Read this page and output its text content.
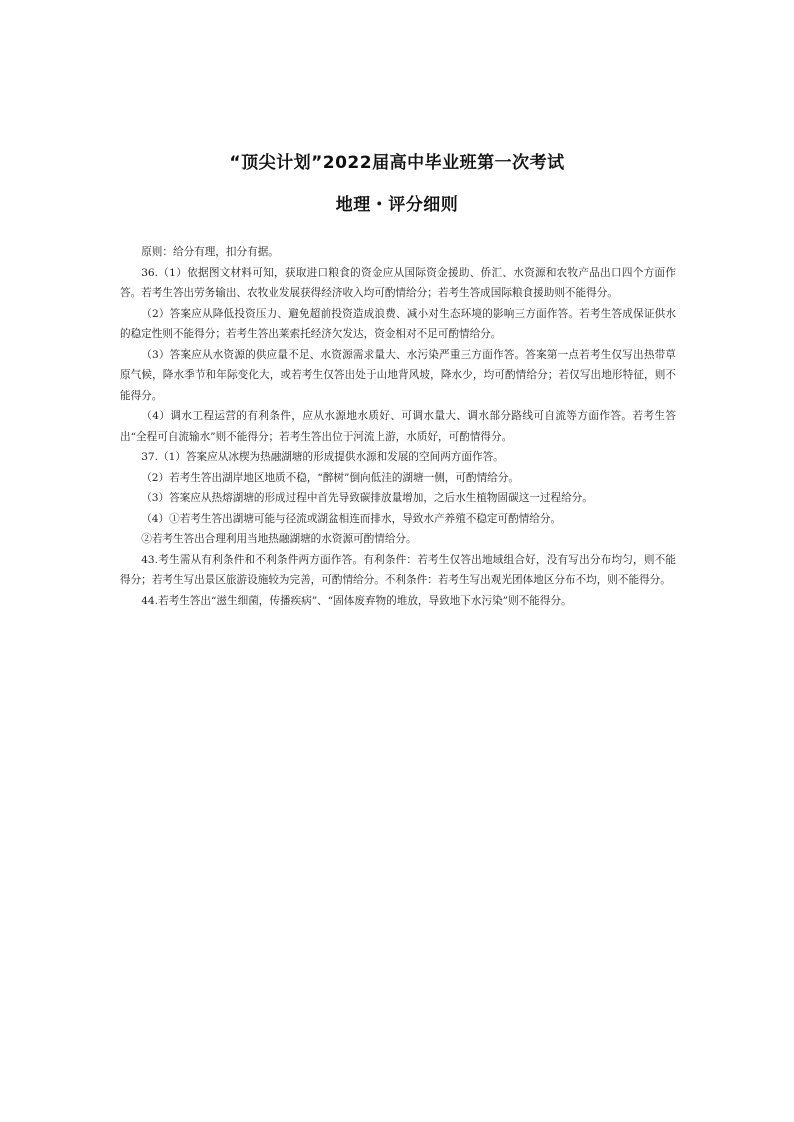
“顶尖计划”2022届高中毕业班第一次考试
地理・评分细则

原则：给分有理，扣分有据。

36.（1）依据图文材料可知，获取进口粮食的资金应从国际资金援助、侨汇、水资源和农牧产品出口四个方面作答。若考生答出劳务输出、农牧业发展获得经济收入均可酌情给分；若考生答成国际粮食援助则不能得分。

（2）答案应从降低投资压力、避免超前投资造成浪费、减小对生态环境的影响三方面作答。若考生答成保证供水的稳定性则不能得分；若考生答出莱索托经济欠发达，资金相对不足可酌情给分。

（3）答案应从水资源的供应量不足、水资源需求量大、水污染严重三方面作答。答案第一点若考生仅写出热带草原气候，降水季节和年际变化大，或若考生仅答出处于山地背风坡，降水少，均可酌情给分；若仅写出地形特征，则不能得分。

（4）调水工程运营的有利条件，应从水源地水质好、可调水量大、调水部分路线可自流等方面作答。若考生答出“全程可自流输水”则不能得分；若考生答出位于河流上游，水质好，可酌情得分。

37.（1）答案应从冰楔为热融湖塘的形成提供水源和发展的空间两方面作答。

（2）若考生答出湖岸地区地质不稳，“醉树”倒向低洼的湖塘一侧，可酌情给分。

（3）答案应从热熔湖塘的形成过程中首先导致碳排放量增加，之后水生植物固碳这一过程给分。

（4）①若考生答出湖塘可能与径流或湖盆相连而排水，导致水产养殖不稳定可酌情给分。

②若考生答出合理利用当地热融湖塘的水资源可酌情给分。

43.考生需从有利条件和不利条件两方面作答。有利条件：若考生仅答出地域组合好，没有写出分布均匀，则不能得分；若考生写出景区旅游设施较为完善，可酌情给分。不利条件：若考生写出观光团体地区分布不均，则不能得分。

44.若考生答出“滋生细菌，传播疾病”、“固体废弃物的堆放，导致地下水污染”则不能得分。
